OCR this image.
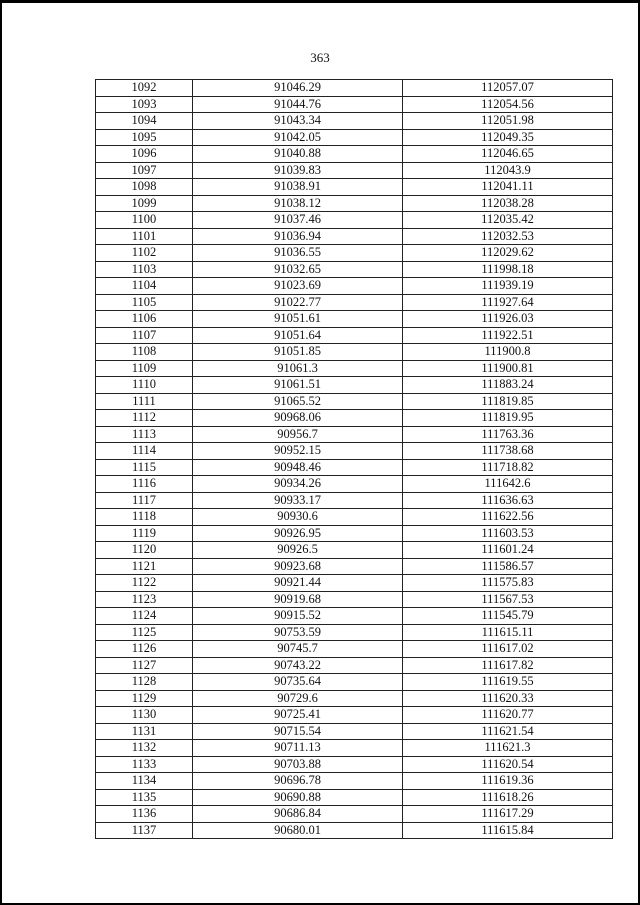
363
1092	91046.29	112057.07
1093	91044.76	112054.56
1094	91043.34	112051.98
1095	91042.05	112049.35
1096	91040.88	112046.65
1097	91039.83	112043.9
1098	91038.91	112041.11
1099	91038.12	112038.28
1100	91037.46	112035.42
1101	91036.94	112032.53
1102	91036.55	112029.62
1103	91032.65	111998.18
1104	91023.69	111939.19
1105	91022.77	111927.64
1106	91051.61	111926.03
1107	91051.64	111922.51
1108	91051.85	111900.8
1109	91061.3	111900.81
1110	91061.51	111883.24
1111	91065.52	111819.85
1112	90968.06	111819.95
1113	90956.7	111763.36
1114	90952.15	111738.68
1115	90948.46	111718.82
1116	90934.26	111642.6
1117	90933.17	111636.63
1118	90930.6	111622.56
1119	90926.95	111603.53
1120	90926.5	111601.24
1121	90923.68	111586.57
1122	90921.44	111575.83
1123	90919.68	111567.53
1124	90915.52	111545.79
1125	90753.59	111615.11
1126	90745.7	111617.02
1127	90743.22	111617.82
1128	90735.64	111619.55
1129	90729.6	111620.33
1130	90725.41	111620.77
1131	90715.54	111621.54
1132	90711.13	111621.3
1133	90703.88	111620.54
1134	90696.78	111619.36
1135	90690.88	111618.26
1136	90686.84	111617.29
1137	90680.01	111615.84
